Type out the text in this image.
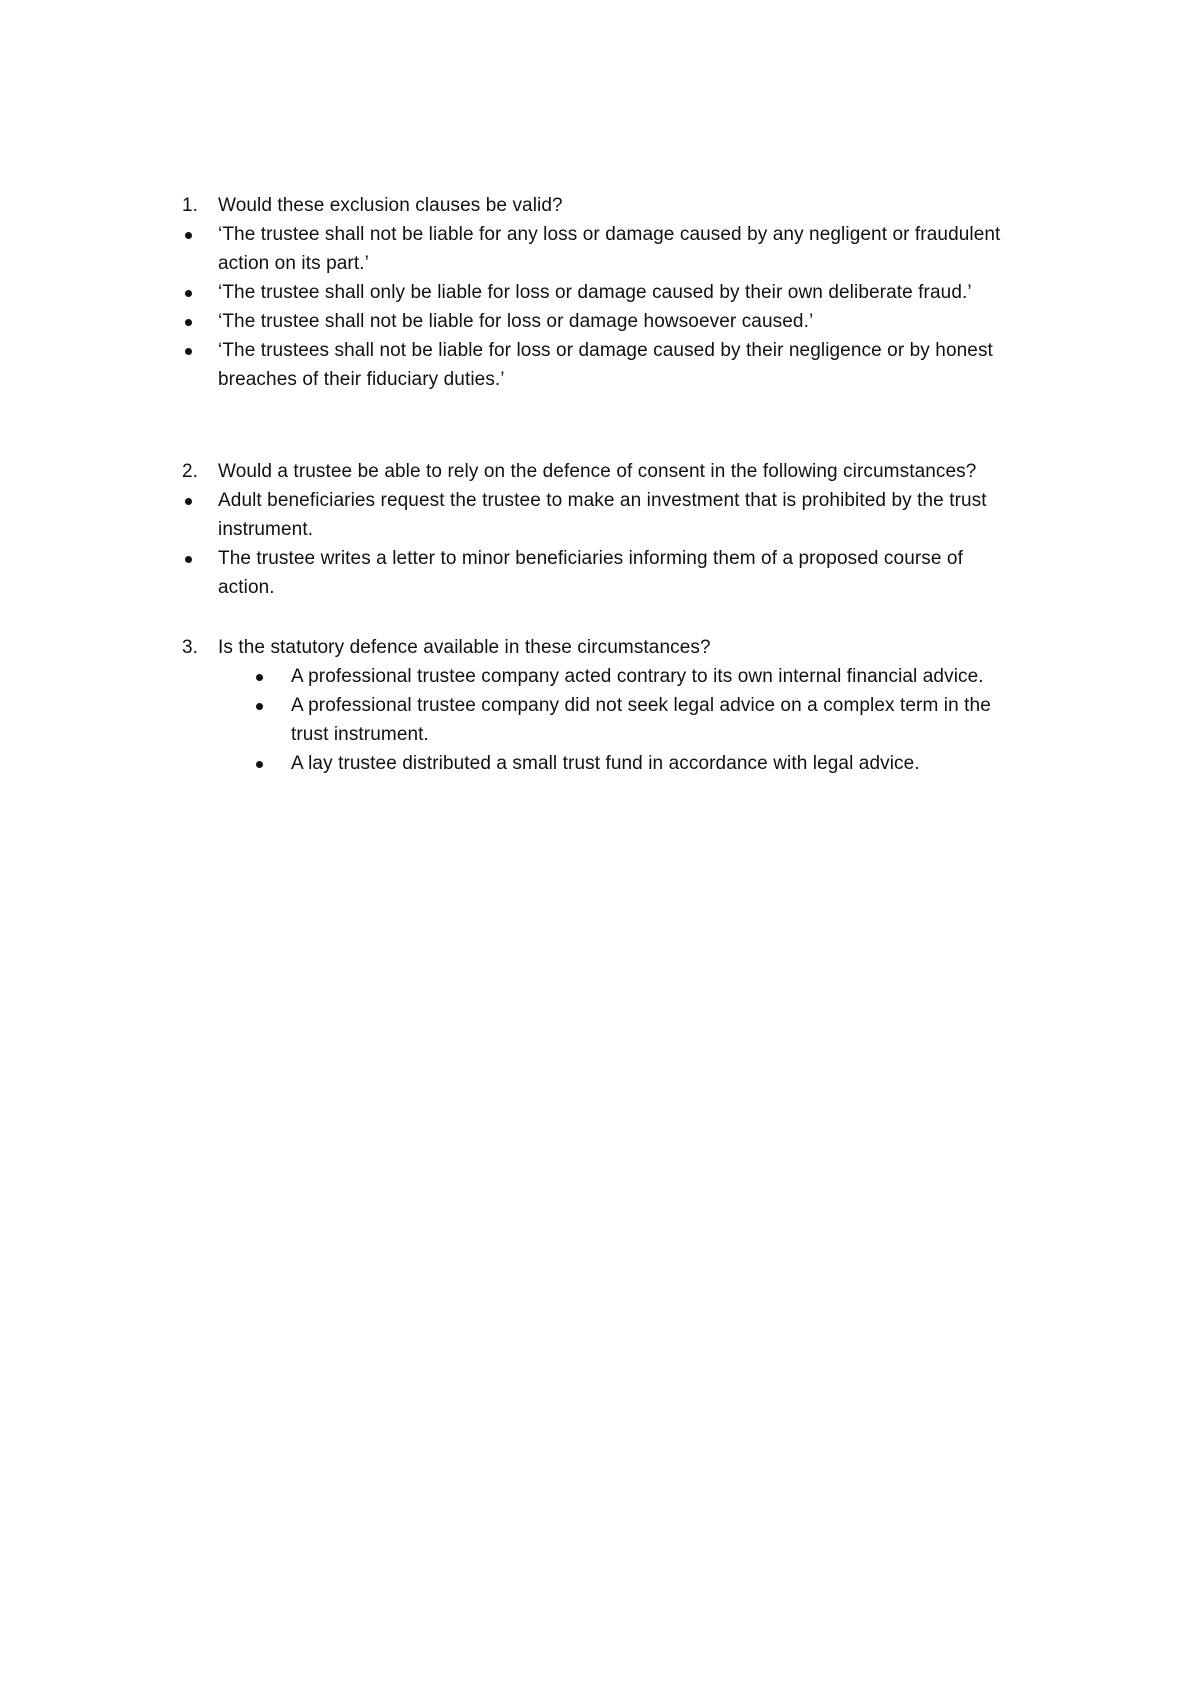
1. Would these exclusion clauses be valid?
‘The trustee shall not be liable for any loss or damage caused by any negligent or fraudulent
action on its part.’
‘The trustee shall only be liable for loss or damage caused by their own deliberate fraud.’
‘The trustee shall not be liable for loss or damage howsoever caused.’
‘The trustees shall not be liable for loss or damage caused by their negligence or by honest
breaches of their fiduciary duties.’
2. Would a trustee be able to rely on the defence of consent in the following circumstances?
Adult beneficiaries request the trustee to make an investment that is prohibited by the trust
instrument.
The trustee writes a letter to minor beneficiaries informing them of a proposed course of
action.
3. Is the statutory defence available in these circumstances?
A professional trustee company acted contrary to its own internal financial advice.
A professional trustee company did not seek legal advice on a complex term in the
trust instrument.
A lay trustee distributed a small trust fund in accordance with legal advice.
